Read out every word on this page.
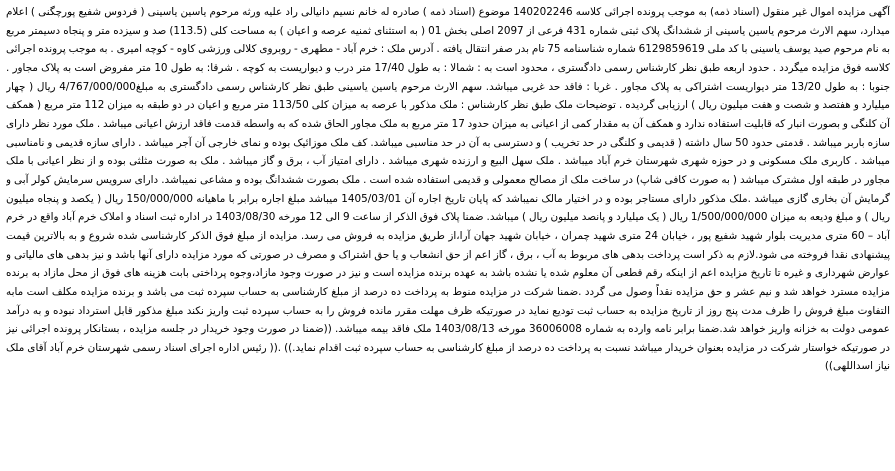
آگهی مزایده اموال غیر منقول (اسناد ذمه) به موجب پرونده اجرائی کلاسه 140202246 موضوع (اسناد ذمه ) صادره له خانم نسیم دانیالی راد علیه ورثه مرحوم یاسین یاسینی ( فردوس شفیع پورچگنی ) اعلام میدارد، سهم الارث مرحوم یاسین یاسینی از ششدانگ پلاک ثبتی شماره 431 فرعی از 2097 اصلی بخش 01 ( به استثنای ثمنیه عرصه و اعیان ) به مساحت کلی (113.5) صد و سیزده متر و پنجاه دسیمتر مربع به نام مرحوم صید یوسف یاسینی با کد ملی 6129859619 شماره شناسنامه 75 تام بدر صفر انتقال یافته . آدرس ملک : خرم آباد - مطهری - روبروی کلالی ورزشی کاوه - کوچه امیری . به موجب پرونده اجرائی کلاسه فوق مزایده میگردد . حدود اربعه طبق نظر کارشناس رسمی دادگستری ، محدود است به : شمالا : به طول 17/40 متر درب و دیواریست به کوچه . شرقا: به طول 10 متر مفروض است به پلاک مجاور . جنوبا : به طول 13/20 متر دیواریست اشتراکی به پلاک مجاور . غربا : فاقد حد غربی میباشد. سهم الارث مرحوم یاسین یاسینی طبق نظر کارشناس رسمی دادگستری به مبلغ4/767/000/000 ریال ( چهار میلیارد و هفتصد و شصت و هفت میلیون ریال ) ارزیابی گردیده . توضیحات ملک طبق نظر کارشناس : ملک مذکور با عرصه به میزان کلی 113/50 متر مربع و اعیان در دو طبقه به میزان 112 متر مربع ( همکف آن کلنگی و بصورت انبار که قابلیت استفاده ندارد و همکف آن به مقدار کمی از اعیانی به میزان حدود 17 متر مربع به ملک مجاور الحاق شده که به واسطه قدمت فاقد ارزش اعیانی میباشد . ملک مورد نظر دارای سازه باربر میباشد . قدمتی حدود 50 سال داشته ( قدیمی و کلنگی در حد تخریب ) و دسترسی به آن در حد مناسبی میباشد. کف ملک موزائیک بوده و نمای خارجی آن آجر میباشد . دارای سازه قدیمی و نامناسبی میباشد . کاربری ملک مسکونی و در حوزه شهری شهرستان خرم آباد میباشد . ملک سهل البیع و ارزنده شهری میباشد . دارای امتیاز آب ، برق و گاز میباشد . ملک به صورت مثلثی بوده و از نظر اعیانی با ملک مجاور در طبقه اول مشترک میباشد ( به صورت کافی شاپ) در ساخت ملک از مصالح معمولی و قدیمی استفاده شده است . ملک بصورت ششدانگ بوده و مشاعی نمیباشد. دارای سرویس سرمایش کولر آبی و گرمایش آن بخاری گازی میباشد .ملک مذکور دارای مستاجر بوده و در اختیار مالک نمیباشد که پایان تاریخ اجاره آن 1405/03/01 میباشد مبلغ اجاره برابر با ماهیانه 150/000/000 ریال ( یکصد و پنجاه میلیون ریال ) و مبلغ ودیعه به میزان 1/500/000/000 ریال ( یک میلیارد و پانصد میلیون ریال ) میباشد. ضمنا پلاک فوق الذکر از ساعت 9 الی 12 مورخه 1403/08/30 در اداره ثبت اسناد و املاک خرم آباد واقع در خرم آباد – 60 متری مدیریت بلوار شهید شفیع پور ، خیابان 24 متری شهید چمران ، خیابان شهید جهان آرا،از طریق مزایده به فروش می رسد. مزایده از مبلغ فوق الذکر کارشناسی شده شروع و به بالاترین قیمت پیشنهادی نقدا فروخته می شود.لازم به ذکر است پرداخت بدهی های مربوط به آب ، برق ، گاز اعم از حق انشعاب و یا حق اشتراک و مصرف در صورتی که مورد مزایده دارای آنها باشد و نیز بدهی های مالیاتی و عوارض شهرداری و غیره تا تاریخ مزایده اعم از اینکه رقم قطعی آن معلوم شده یا نشده باشد به عهده برنده مزایده است و نیز در صورت وجود مازاد،وجوه پرداختی بابت هزینه های فوق از محل مازاد به برنده مزایده مسترد خواهد شد و نیم عشر و حق مزایده نقداً وصول می گردد .ضمنا شرکت در مزایده منوط به پرداخت ده درصد از مبلغ کارشناسی به حساب سپرده ثبت می باشد و برنده مزایده مکلف است مابه التفاوت مبلغ فروش را ظرف مدت پنج روز از تاریخ مزایده به حساب ثبت تودیع نماید در صورتیکه ظرف مهلت مقرر مانده فروش را به حساب سپرده ثبت واریز نکند مبلغ مذکور قابل استرداد نبوده و به درآمد عمومی دولت به خزانه واریز خواهد شد.ضمنا برابر نامه وارده به شماره 36006008 مورخه 1403/08/13 ملک فاقد بیمه میباشد. ((ضمنا در صورت وجود خریدار در جلسه مزایده ، بستانکار پرونده اجرائی نیز در صورتیکه خواستار شرکت در مزایده بعنوان خریدار میباشد نسبت به پرداخت ده درصد از مبلغ کارشناسی به حساب سپرده ثبت اقدام نماید.)) .(( رئیس اداره اجرای اسناد رسمی شهرستان خرم آباد آقای ملک نیاز اسداللهی))
